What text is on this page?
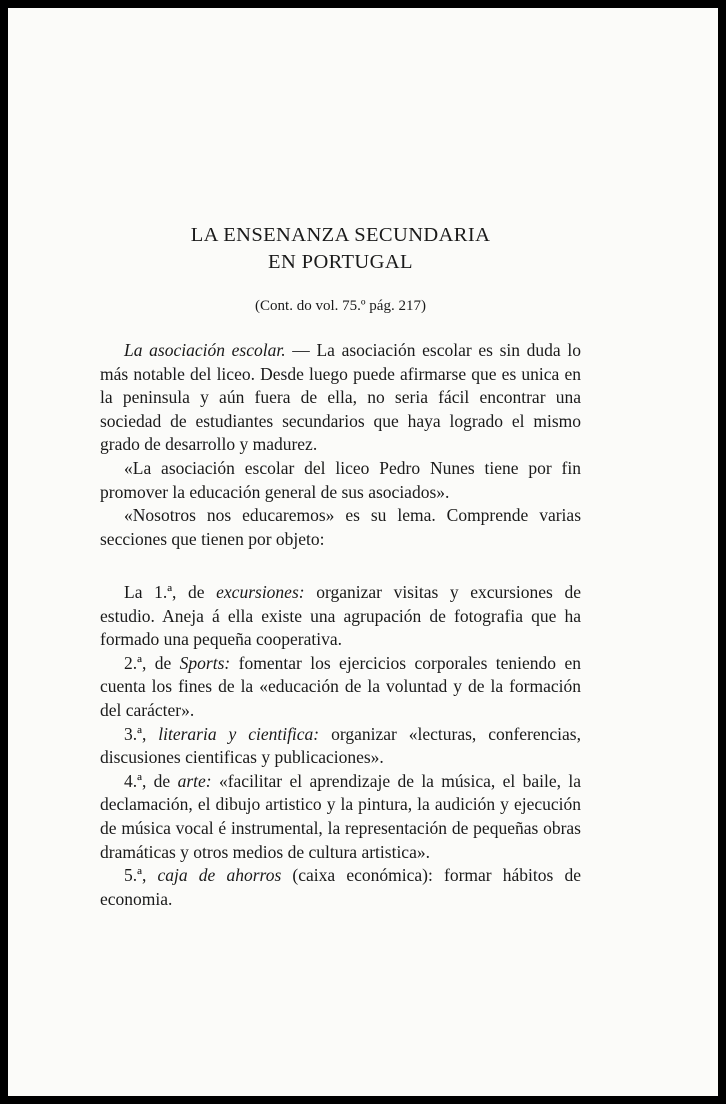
LA ENSENANZA SECUNDARIA
EN PORTUGAL
(Cont. do vol. 75.º pág. 217)

La asociación escolar. — La asociación escolar es sin duda lo más notable del liceo. Desde luego puede afirmarse que es unica en la peninsula y aún fuera de ella, no seria fácil encontrar una sociedad de estudiantes secundarios que haya logrado el mismo grado de desarrollo y madurez.

«La asociación escolar del liceo Pedro Nunes tiene por fin promover la educación general de sus asociados».

«Nosotros nos educaremos» es su lema. Comprende varias secciones que tienen por objeto:

La 1.ª, de excursiones: organizar visitas y excursiones de estudio. Aneja á ella existe una agrupación de fotografia que ha formado una pequeña cooperativa.

2.ª, de Sports: fomentar los ejercicios corporales teniendo en cuenta los fines de la «educación de la voluntad y de la formación del carácter».

3.ª, literaria y cientifica: organizar «lecturas, conferencias, discusiones cientificas y publicaciones».

4.ª, de arte: «facilitar el aprendizaje de la música, el baile, la declamación, el dibujo artistico y la pintura, la audición y ejecución de música vocal é instrumental, la representación de pequeñas obras dramáticas y otros medios de cultura artistica».

5.ª, caja de ahorros (caixa económica): formar hábitos de economia.
